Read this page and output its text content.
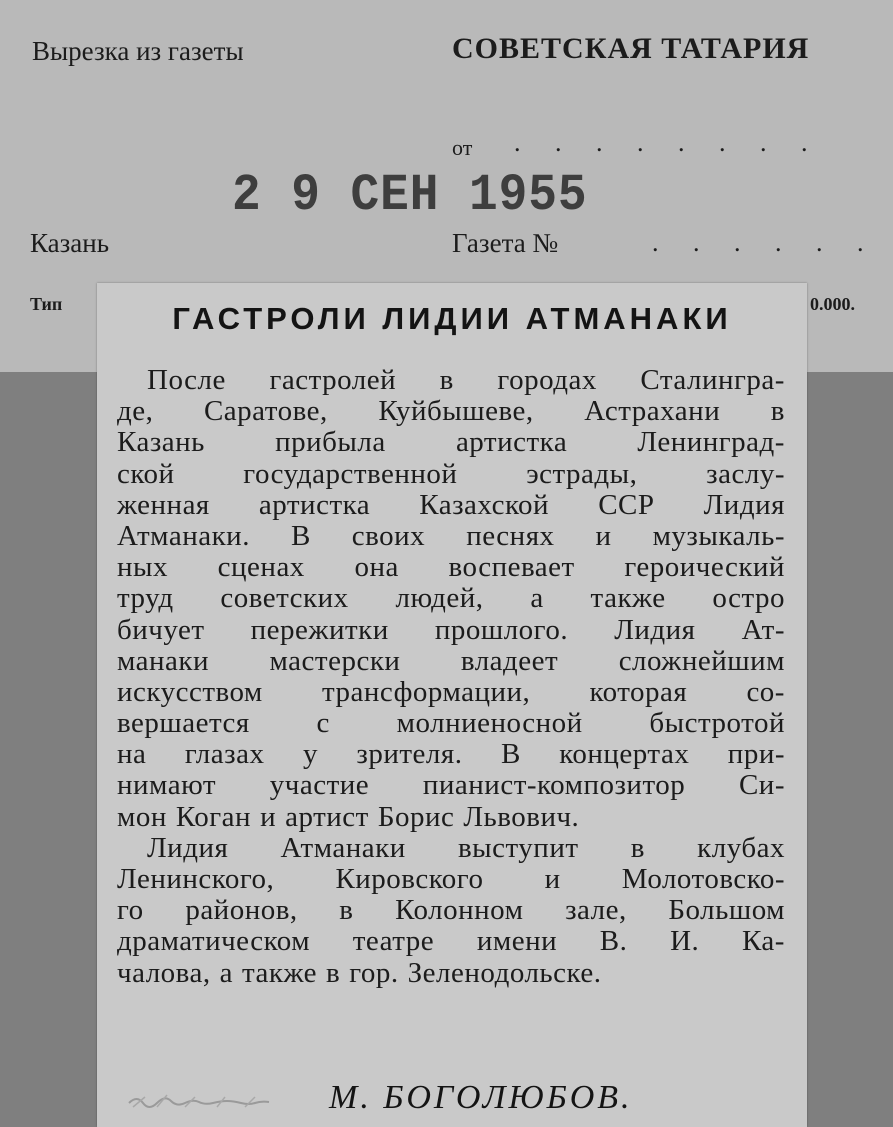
Вырезка из газеты	СОВЕТСКАЯ ТАТАРИЯ
от . . . . . . . .
2 9 СЕН 1955
Казань	Газета №	. . . . . .
Тип	0.000.
ГАСТРОЛИ ЛИДИИ АТМАНАКИ
После гастролей в городах Сталингра-
де, Саратове, Куйбышеве, Астрахани в
Казань прибыла артистка Ленинград-
ской государственной эстрады, заслу-
женная артистка Казахской ССР Лидия
Атманаки. В своих песнях и музыкаль-
ных сценах она воспевает героический
труд советских людей, а также остро
бичует пережитки прошлого. Лидия Ат-
манаки мастерски владеет сложнейшим
искусством трансформации, которая со-
вершается с молниеносной быстротой
на глазах у зрителя. В концертах при-
нимают участие пианист-композитор Си-
мон Коган и артист Борис Львович.
Лидия Атманаки выступит в клубах
Ленинского, Кировского и Молотовско-
го районов, в Колонном зале, Большом
драматическом театре имени В. И. Ка-
чалова, а также в гор. Зеленодольске.
М. БОГОЛЮБОВ.
